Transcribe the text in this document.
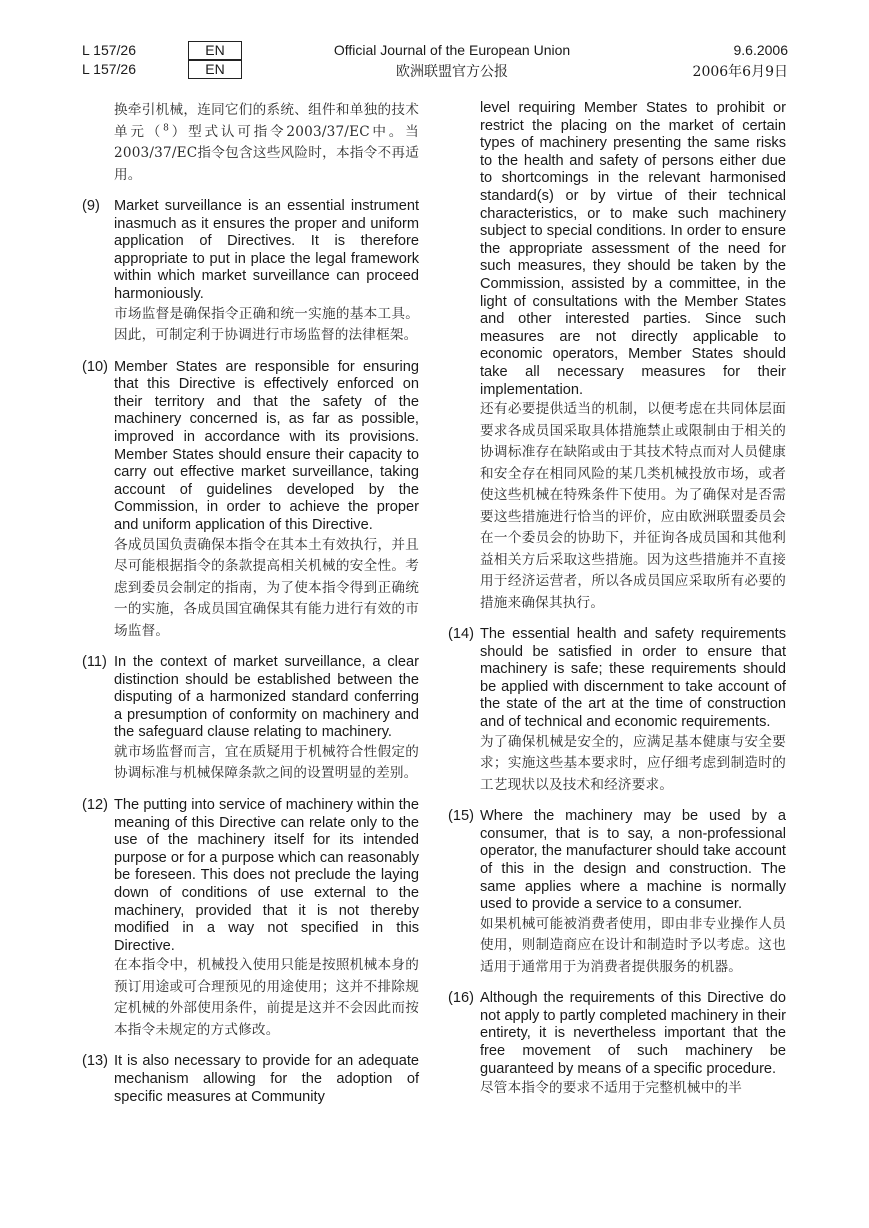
L 157/26	EN	Official Journal of the European Union	9.6.2006
L 157/26	EN	欧洲联盟官方公报	2006年6月9日
换牵引机械，连同它们的系统、组件和单独的技术单元（$^8$）型式认可指令2003/37/EC中。当2003/37/EC指令包含这些风险时，本指令不再适用。
(9) Market surveillance is an essential instrument inasmuch as it ensures the proper and uniform application of Directives. It is therefore appropriate to put in place the legal framework within which market surveillance can proceed harmoniously.
市场监督是确保指令正确和统一实施的基本工具。因此，可制定利于协调进行市场监督的法律框架。
(10) Member States are responsible for ensuring that this Directive is effectively enforced on their territory and that the safety of the machinery concerned is, as far as possible, improved in accordance with its provisions. Member States should ensure their capacity to carry out effective market surveillance, taking account of guidelines developed by the Commission, in order to achieve the proper and uniform application of this Directive.
各成员国负责确保本指令在其本土有效执行，并且尽可能根据指令的条款提高相关机械的安全性。考虑到委员会制定的指南，为了使本指令得到正确统一的实施，各成员国宜确保其有能力进行有效的市场监督。
(11) In the context of market surveillance, a clear distinction should be established between the disputing of a harmonized standard conferring a presumption of conformity on machinery and the safeguard clause relating to machinery.
就市场监督而言，宜在质疑用于机械符合性假定的协调标准与机械保障条款之间的设置明显的差别。
(12) The putting into service of machinery within the meaning of this Directive can relate only to the use of the machinery itself for its intended purpose or for a purpose which can reasonably be foreseen. This does not preclude the laying down of conditions of use external to the machinery, provided that it is not thereby modified in a way not specified in this Directive.
在本指令中，机械投入使用只能是按照机械本身的预订用途或可合理预见的用途使用；这并不排除规定机械的外部使用条件，前提是这并不会因此而按本指令未规定的方式修改。
(13) It is also necessary to provide for an adequate mechanism allowing for the adoption of specific measures at Community
level requiring Member States to prohibit or restrict the placing on the market of certain types of machinery presenting the same risks to the health and safety of persons either due to shortcomings in the relevant harmonised standard(s) or by virtue of their technical characteristics, or to make such machinery subject to special conditions. In order to ensure the appropriate assessment of the need for such measures, they should be taken by the Commission, assisted by a committee, in the light of consultations with the Member States and other interested parties. Since such measures are not directly applicable to economic operators, Member States should take all necessary measures for their implementation.
还有必要提供适当的机制，以便考虑在共同体层面要求各成员国采取具体措施禁止或限制由于相关的协调标准存在缺陷或由于其技术特点而对人员健康和安全存在相同风险的某几类机械投放市场，或者使这些机械在特殊条件下使用。为了确保对是否需要这些措施进行恰当的评价，应由欧洲联盟委员会在一个委员会的协助下，并征询各成员国和其他利益相关方后采取这些措施。因为这些措施并不直接用于经济运营者，所以各成员国应采取所有必要的措施来确保其执行。
(14) The essential health and safety requirements should be satisfied in order to ensure that machinery is safe; these requirements should be applied with discernment to take account of the state of the art at the time of construction and of technical and economic requirements.
为了确保机械是安全的，应满足基本健康与安全要求；实施这些基本要求时，应仔细考虑到制造时的工艺现状以及技术和经济要求。
(15) Where the machinery may be used by a consumer, that is to say, a non-professional operator, the manufacturer should take account of this in the design and construction. The same applies where a machine is normally used to provide a service to a consumer.
如果机械可能被消费者使用，即由非专业操作人员使用，则制造商应在设计和制造时予以考虑。这也适用于通常用于为消费者提供服务的机器。
(16) Although the requirements of this Directive do not apply to partly completed machinery in their entirety, it is nevertheless important that the free movement of such machinery be guaranteed by means of a specific procedure.
尽管本指令的要求不适用于完整机械中的半
